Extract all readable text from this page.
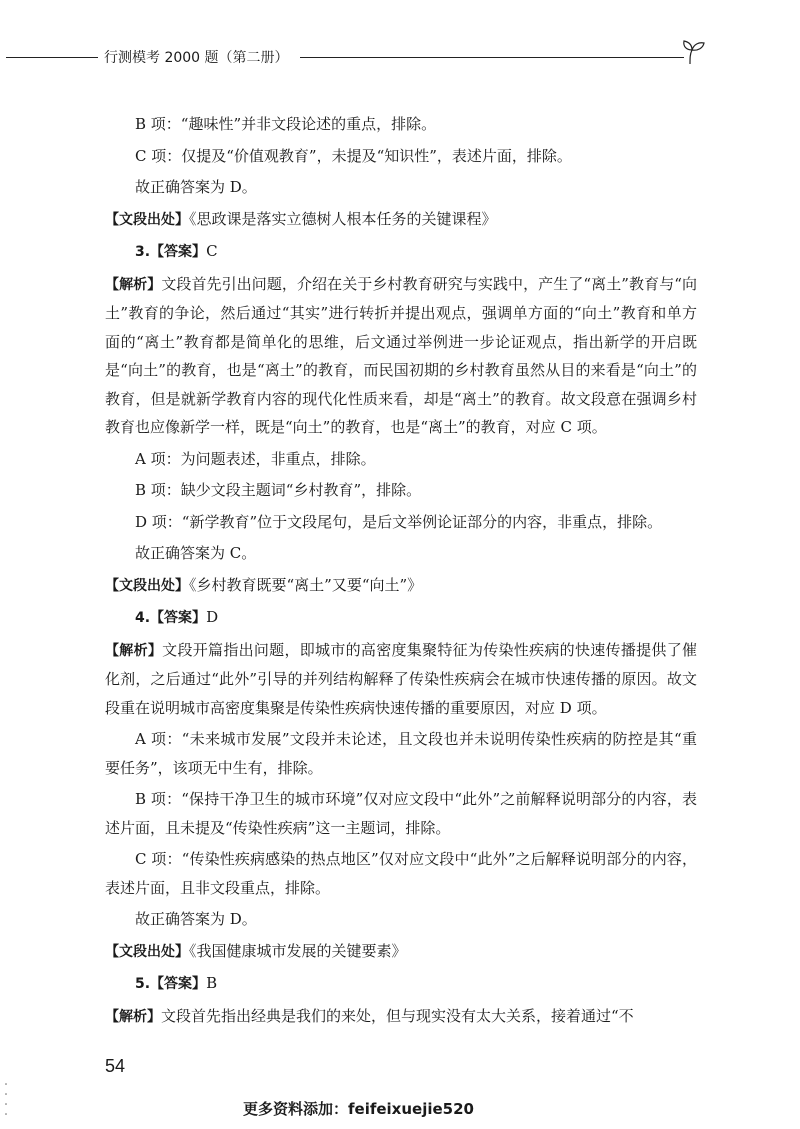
行测模考 2000 题（第二册）

B 项：“趣味性”并非文段论述的重点，排除。

C 项：仅提及“价值观教育”，未提及“知识性”，表述片面，排除。

故正确答案为 D。

【文段出处】《思政课是落实立德树人根本任务的关键课程》

3.【答案】C

【解析】文段首先引出问题，介绍在关于乡村教育研究与实践中，产生了“离土”教育与“向土”教育的争论，然后通过“其实”进行转折并提出观点，强调单方面的“向土”教育和单方面的“离土”教育都是简单化的思维，后文通过举例进一步论证观点，指出新学的开启既是“向土”的教育，也是“离土”的教育，而民国初期的乡村教育虽然从目的来看是“向土”的教育，但是就新学教育内容的现代化性质来看，却是“离土”的教育。故文段意在强调乡村教育也应像新学一样，既是“向土”的教育，也是“离土”的教育，对应 C 项。

A 项：为问题表述，非重点，排除。

B 项：缺少文段主题词“乡村教育”，排除。

D 项：“新学教育”位于文段尾句，是后文举例论证部分的内容，非重点，排除。

故正确答案为 C。

【文段出处】《乡村教育既要“离土”又要“向土”》

4.【答案】D

【解析】文段开篇指出问题，即城市的高密度集聚特征为传染性疾病的快速传播提供了催化剂，之后通过“此外”引导的并列结构解释了传染性疾病会在城市快速传播的原因。故文段重在说明城市高密度集聚是传染性疾病快速传播的重要原因，对应 D 项。

A 项：“未来城市发展”文段并未论述，且文段也并未说明传染性疾病的防控是其“重要任务”，该项无中生有，排除。

B 项：“保持干净卫生的城市环境”仅对应文段中“此外”之前解释说明部分的内容，表述片面，且未提及“传染性疾病”这一主题词，排除。

C 项：“传染性疾病感染的热点地区”仅对应文段中“此外”之后解释说明部分的内容，表述片面，且非文段重点，排除。

故正确答案为 D。

【文段出处】《我国健康城市发展的关键要素》

5.【答案】B

【解析】文段首先指出经典是我们的来处，但与现实没有太大关系，接着通过“不

54
更多资料添加：feifeixuejie520
